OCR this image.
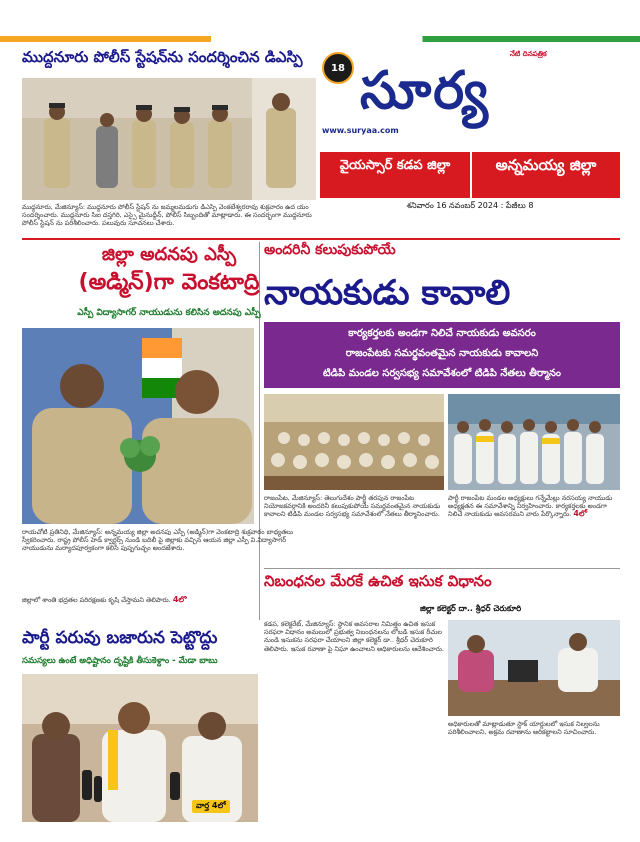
ముద్దనూరు పోలీస్ స్టేషన్‌ను సందర్శించిన డిఎస్పి
ముద్దనూరు, మేజిన్యూస్: ముద్దనూరు పోలీస్ స్టేషన్ ను జమ్మలమడుగు డిఎస్పి వెంకటేశ్వరరావు శుక్రవారం ఉద యం సందర్శించారు. ముద్దనూరు సిఐ దస్తగిరి, ఎస్సై మైనుద్దీన్, పోలీస్ సిబ్బందితో మాట్లాడారు. ఈ సందర్భంగా ముద్దనూరు పోలీస్ స్టేషన్ ను పరిశీలించారు. పలువురు సూచనలు చేశారు.
18
నేటి దినపత్రిక
సూర్య
www.suryaa.com
వైయస్సార్ కడప జిల్లా	అన్నమయ్య జిల్లా
శనివారం 16 నవంబర్ 2024 : పేజీలు 8
జిల్లా అదనపు ఎస్పీ
(అడ్మిన్)గా వెంకటాద్రి
ఎస్పీ విద్యాసాగర్ నాయుడును కలిసిన అదనపు ఎస్పీ
రాయచోటి ప్రతినిధి, మేజిన్యూస్: అన్నమయ్య జిల్లా అదనపు ఎస్పీ (అడ్మిన్)గా వెంకటాద్రి శుక్రవారం బాధ్యతలు స్వీకరించారు. రాష్ట్ర పోలీస్ హెడ్ క్వార్టర్స్ నుండి బదిలీ పై జిల్లాకు వచ్చిన ఆయన జిల్లా ఎస్పీ వి.విద్యాసాగర్ నాయుడును మర్యాదపూర్వకంగా కలిసి పుష్పగుచ్ఛం అందజేశారు.
జిల్లాలో శాంతి భద్రతల పరిరక్షణకు కృషి చేస్తామని తెలిపారు. 4లో
అందరినీ కలుపుకుపోయే
నాయకుడు కావాలి
కార్యకర్తలకు అండగా నిలిచే నాయకుడు అవసరం
రాజంపేటకు సమర్థవంతమైన నాయకుడు కావాలని
టిడిపి మండల సర్వసభ్య సమావేశంలో టిడిపి నేతలు తీర్మానం
రాజంపేట, మేజిన్యూస్: తెలుగుదేశం పార్టీ తరపున రాజంపేట నియోజకవర్గానికి అందరినీ కలుపుకుపోయే సమర్థవంతమైన నాయకుడు కావాలని టిడిపి మండల సర్వసభ్య సమావేశంలో నేతలు తీర్మానించారు.
పార్టీ రాజంపేట మండల అధ్యక్షులు గన్నేమేల్లు నరసయ్య నాయుడు అధ్యక్షతన ఈ సమావేశాన్ని నిర్వహించారు. కార్యకర్తలకు అండగా నిలిచే నాయకుడు అవసరమని వారు పేర్కొన్నారు. 4లో
నిబంధనల మేరకే ఉచిత ఇసుక విధానం
జిల్లా కలెక్టర్ దా.. శ్రీధర్ చెరుకూరి
కడప, కలెక్టరేట్, మేజిన్యూస్: స్థానిక అవసరాల నిమిత్తం ఉచిత ఇసుక సరఫరా విధానం అమలులో ప్రభుత్వ నిబంధనలను లోబడి ఇసుక రీచుల నుండి ఇసుకను సరఫరా చేయాలని జిల్లా కలెక్టర్ డా.. శ్రీధర్ చెరుకూరి తెలిపారు. ఇసుక రవాణా పై నిఘా ఉంచాలని అధికారులను ఆదేశించారు.
అధికారులతో మాట్లాడుతూ స్టాక్ యార్డులలో ఇసుక నిల్వలను పరిశీలించాలని, అక్రమ రవాణాను అరికట్టాలని సూచించారు.
పార్టీ పరువు బజారున పెట్టొద్దు
సమస్యలు ఉంటే అధిష్టానం దృష్టికి తీసుకెళ్దాం - మేడా బాబు
వార్త 4లో
